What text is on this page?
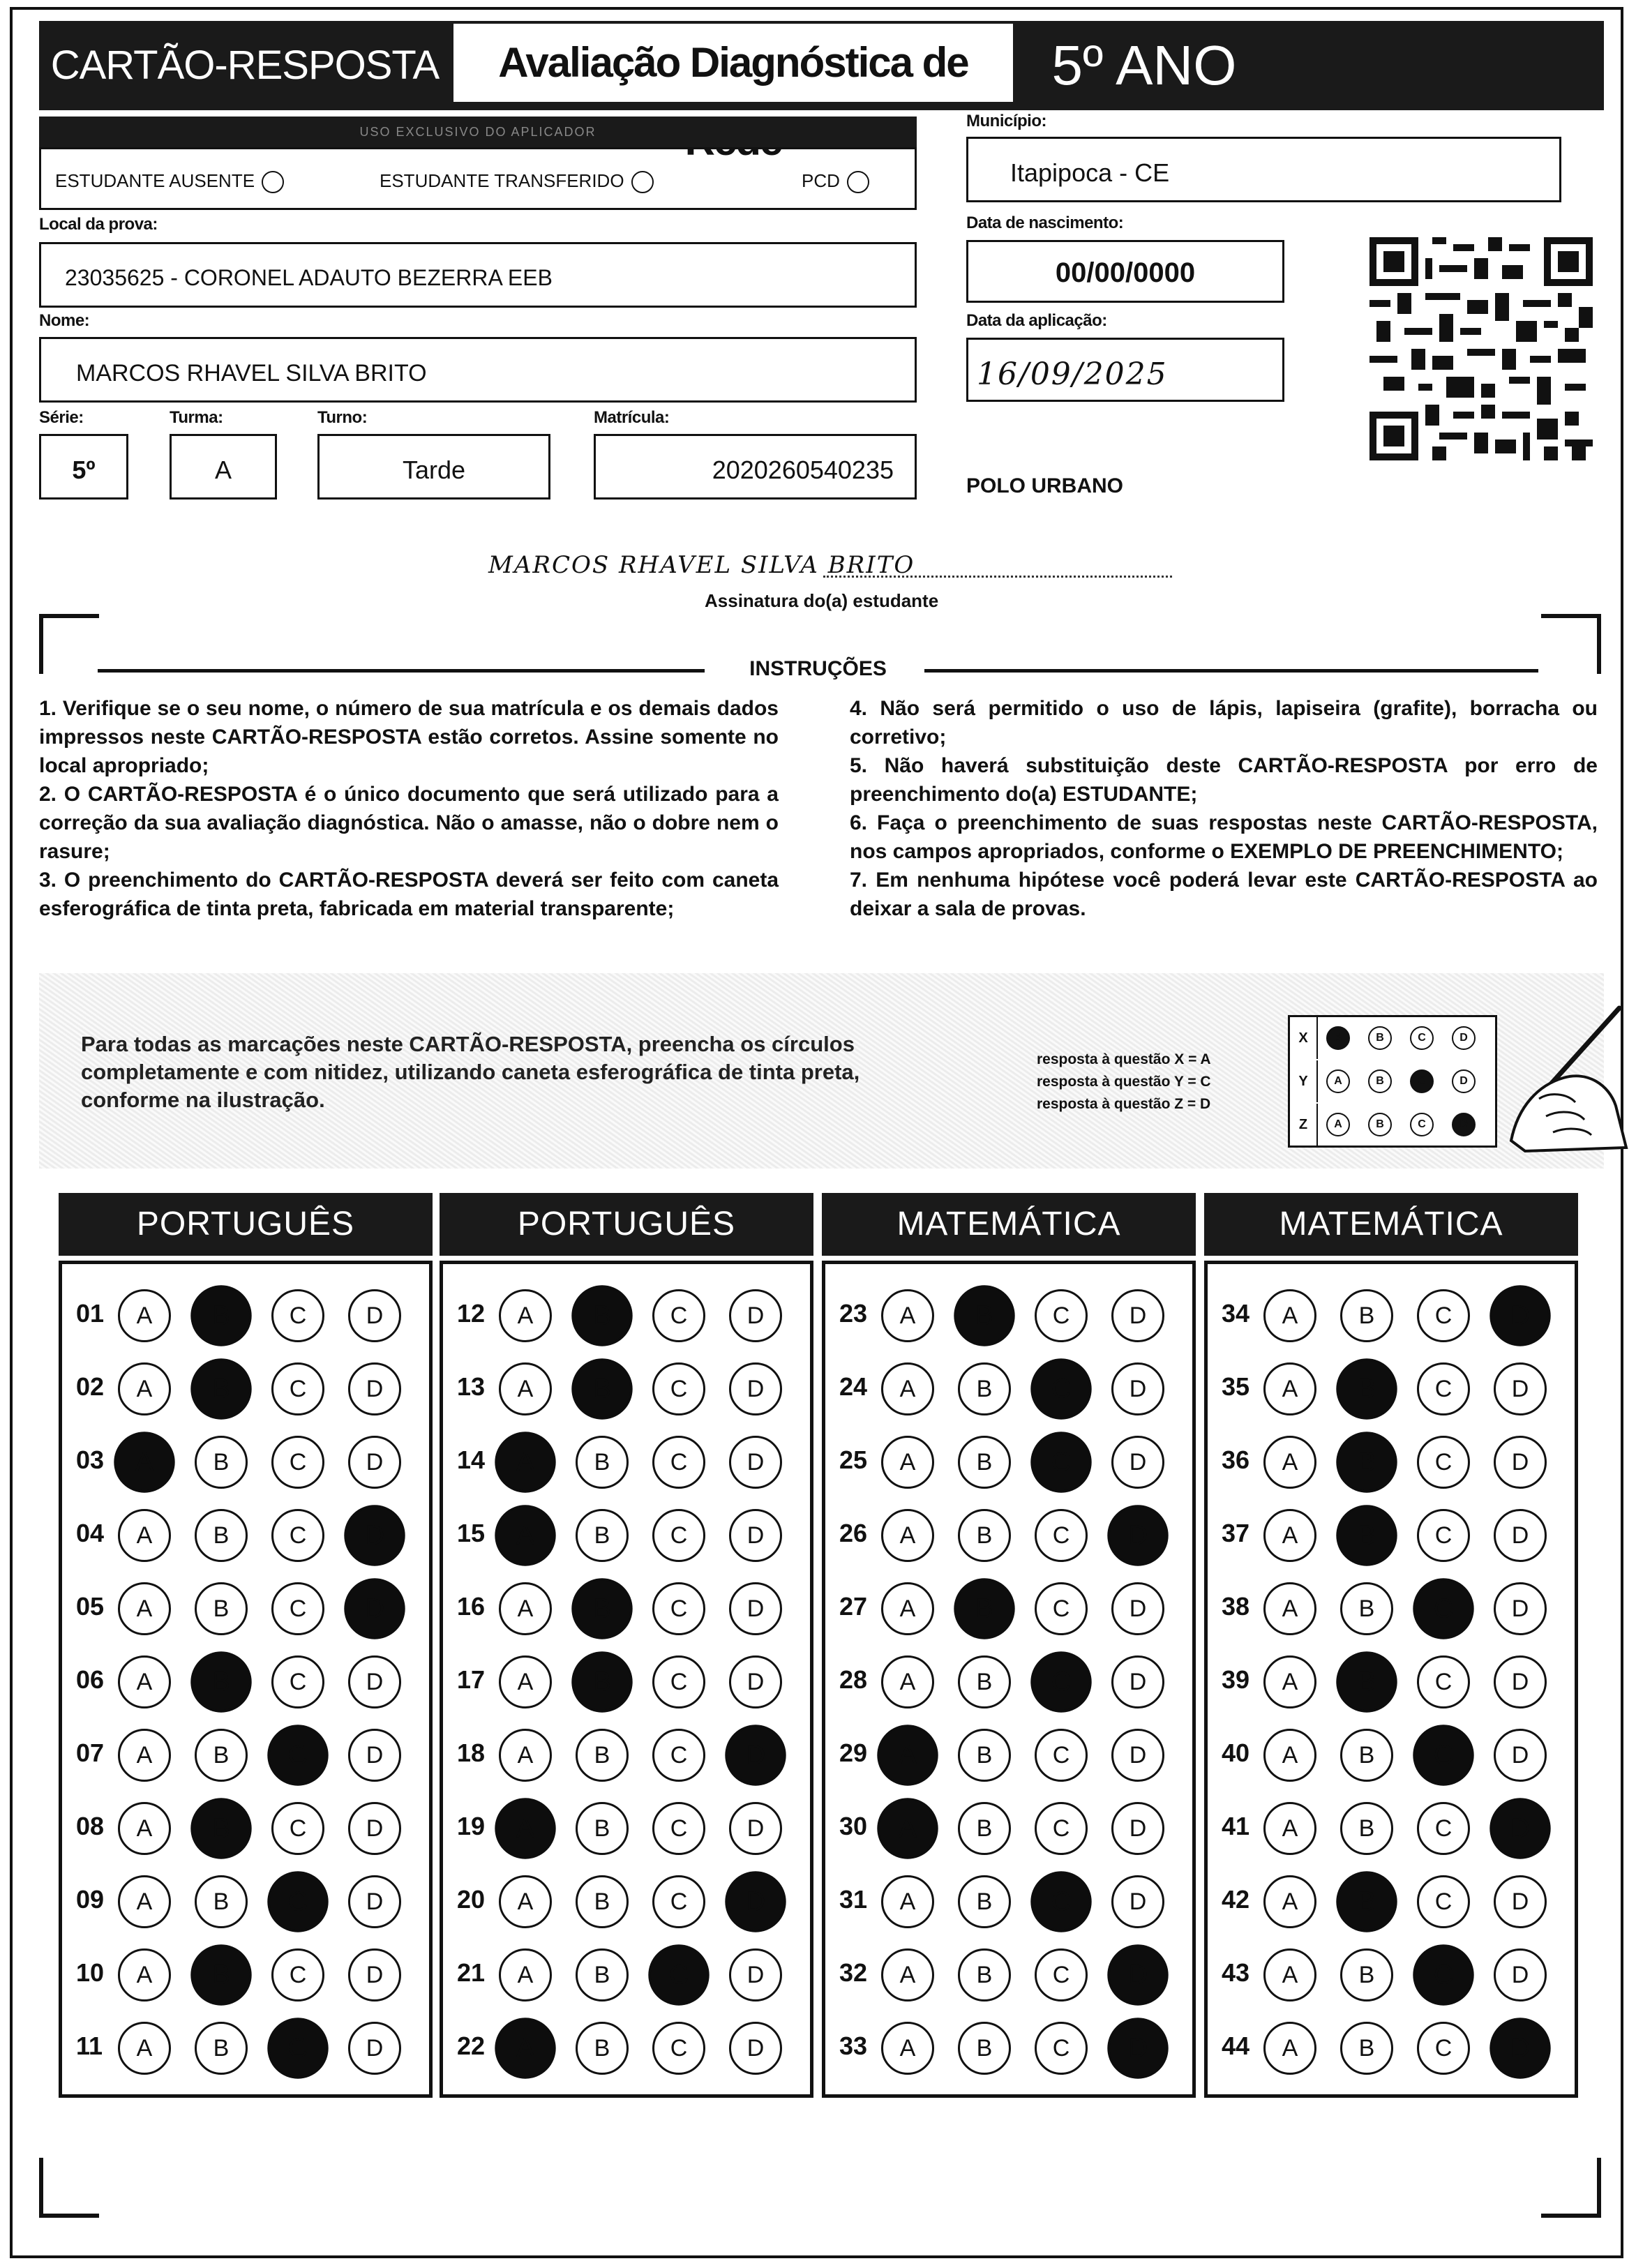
CARTÃO-RESPOSTA	Avaliação Diagnóstica de	5º ANO
USO EXCLUSIVO DO APLICADOR
ESTUDANTE AUSENTE	ESTUDANTE TRANSFERIDO	PCD
Município:
Itapipoca - CE
Local da prova:
23035625 - CORONEL ADAUTO BEZERRA EEB
Data de nascimento:
00/00/0000
Nome:
MARCOS RHAVEL SILVA BRITO
Data da aplicação:
16/09/2025
Série:
5º
Turma:
A
Turno:
Tarde
Matrícula:
2020260540235
POLO URBANO
MARCOS RHAVEL SILVA BRITO
Assinatura do(a) estudante
INSTRUÇÕES

1. Verifique se o seu nome, o número de sua matrícula e os demais dados impressos neste CARTÃO-RESPOSTA estão corretos. Assine somente no local apropriado;

2. O CARTÃO-RESPOSTA é o único documento que será utilizado para a correção da sua avaliação diagnóstica. Não o amasse, não o dobre nem o rasure;

3. O preenchimento do CARTÃO-RESPOSTA deverá ser feito com caneta esferográfica de tinta preta, fabricada em material transparente;

4. Não será permitido o uso de lápis, lapiseira (grafite), borracha ou corretivo;

5. Não haverá substituição deste CARTÃO-RESPOSTA por erro de preenchimento do(a) ESTUDANTE;

6. Faça o preenchimento de suas respostas neste CARTÃO-RESPOSTA, nos campos apropriados, conforme o EXEMPLO DE PREENCHIMENTO;

7. Em nenhuma hipótese você poderá levar este CARTÃO-RESPOSTA ao deixar a sala de provas.

Para todas as marcações neste CARTÃO-RESPOSTA, preencha os círculos completamente e com nitidez, utilizando caneta esferográfica de tinta preta, conforme na ilustração.
resposta à questão X = A
resposta à questão Y = C
resposta à questão Z = D
X	A	B	C	D
Y	A	B	C	D
Z	A	B	C	D
PORTUGUÊS
01	A	B	C	D
02	A	B	C	D
03	A	B	C	D
04	A	B	C	D
05	A	B	C	D
06	A	B	C	D
07	A	B	C	D
08	A	B	C	D
09	A	B	C	D
10	A	B	C	D
11	A	B	C	D
PORTUGUÊS
12	A	B	C	D
13	A	B	C	D
14	A	B	C	D
15	A	B	C	D
16	A	B	C	D
17	A	B	C	D
18	A	B	C	D
19	A	B	C	D
20	A	B	C	D
21	A	B	C	D
22	A	B	C	D
MATEMÁTICA
23	A	B	C	D
24	A	B	C	D
25	A	B	C	D
26	A	B	C	D
27	A	B	C	D
28	A	B	C	D
29	A	B	C	D
30	A	B	C	D
31	A	B	C	D
32	A	B	C	D
33	A	B	C	D
MATEMÁTICA
34	A	B	C	D
35	A	B	C	D
36	A	B	C	D
37	A	B	C	D
38	A	B	C	D
39	A	B	C	D
40	A	B	C	D
41	A	B	C	D
42	A	B	C	D
43	A	B	C	D
44	A	B	C	D
